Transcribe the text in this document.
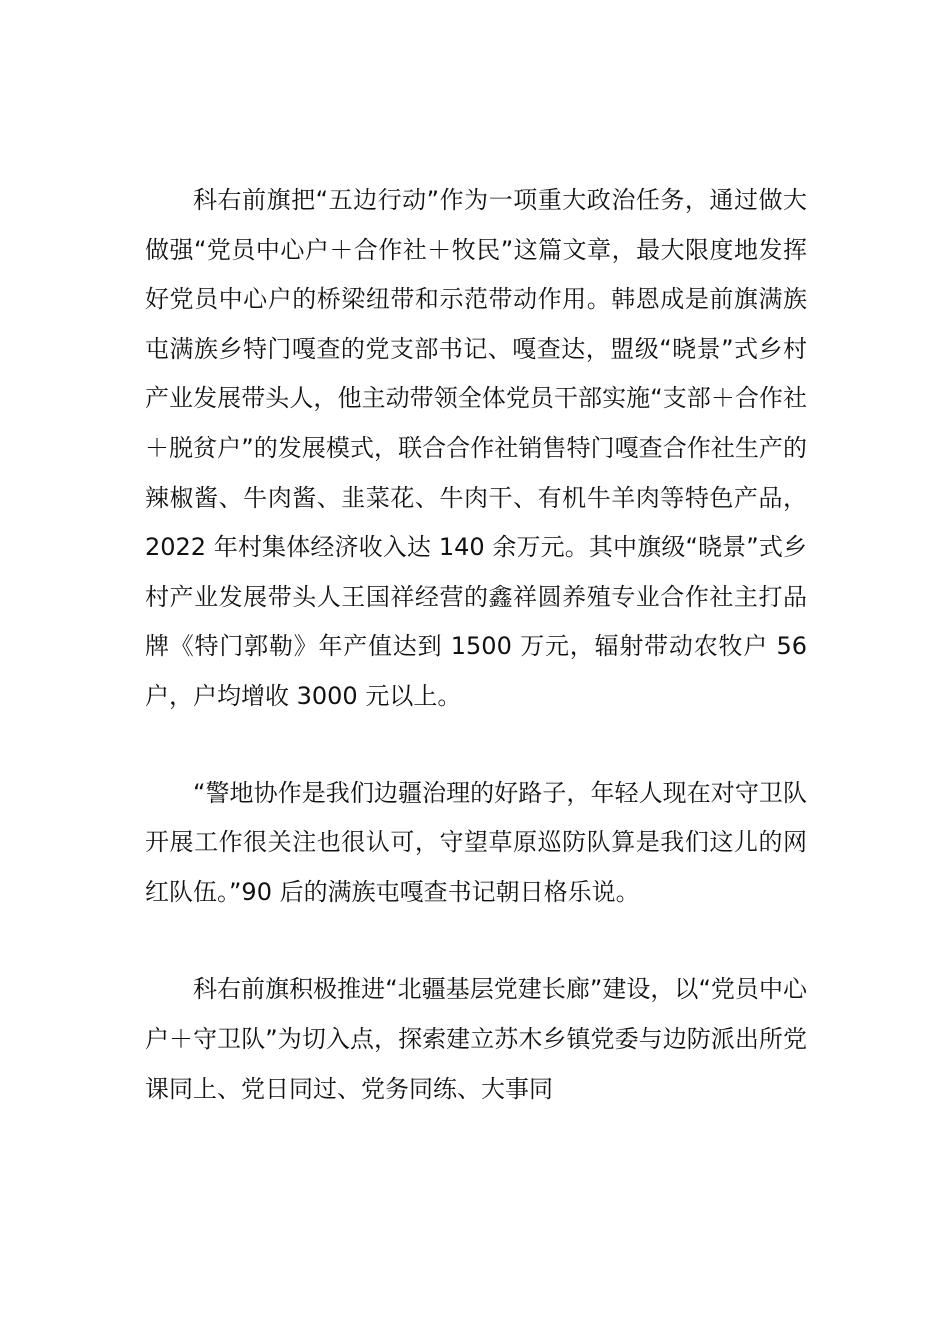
科右前旗把“五边行动”作为一项重大政治任务，通过做大做强“党员中心户＋合作社＋牧民”这篇文章，最大限度地发挥好党员中心户的桥梁纽带和示范带动作用。韩恩成是前旗满族屯满族乡特门嘎查的党支部书记、嘎查达，盟级“晓景”式乡村产业发展带头人，他主动带领全体党员干部实施“支部＋合作社＋脱贫户”的发展模式，联合合作社销售特门嘎查合作社生产的辣椒酱、牛肉酱、韭菜花、牛肉干、有机牛羊肉等特色产品，2022 年村集体经济收入达 140 余万元。其中旗级“晓景”式乡村产业发展带头人王国祥经营的鑫祥圆养殖专业合作社主打品牌《特门郭勒》年产值达到 1500 万元，辐射带动农牧户 56 户，户均增收 3000 元以上。

“警地协作是我们边疆治理的好路子，年轻人现在对守卫队开展工作很关注也很认可，守望草原巡防队算是我们这儿的网红队伍。”90 后的满族屯嘎查书记朝日格乐说。

科右前旗积极推进“北疆基层党建长廊”建设，以“党员中心户＋守卫队”为切入点，探索建立苏木乡镇党委与边防派出所党课同上、党日同过、党务同练、大事同
